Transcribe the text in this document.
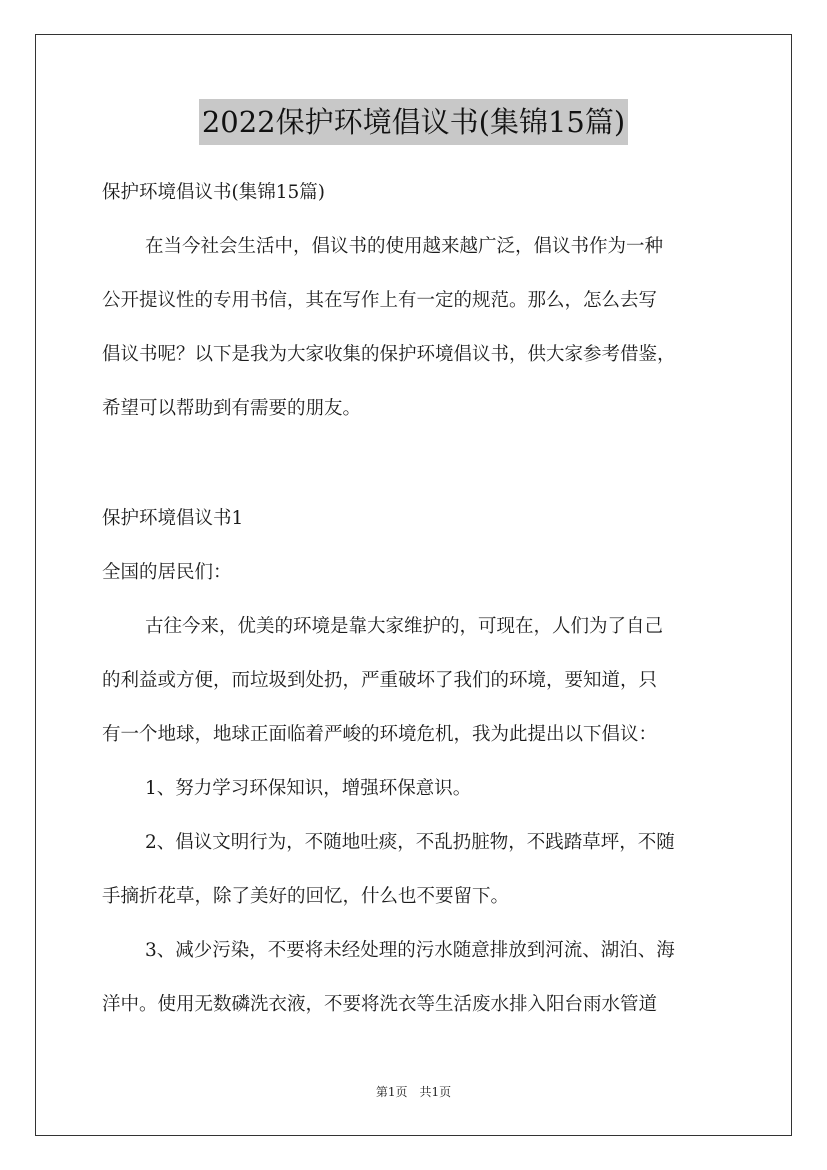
2022保护环境倡议书(集锦15篇)
保护环境倡议书(集锦15篇)
在当今社会生活中，倡议书的使用越来越广泛，倡议书作为一种
公开提议性的专用书信，其在写作上有一定的规范。那么，怎么去写
倡议书呢？以下是我为大家收集的保护环境倡议书，供大家参考借鉴，
希望可以帮助到有需要的朋友。
保护环境倡议书1
全国的居民们：
古往今来，优美的环境是靠大家维护的，可现在，人们为了自己
的利益或方便，而垃圾到处扔，严重破坏了我们的环境，要知道，只
有一个地球，地球正面临着严峻的环境危机，我为此提出以下倡议：
1、努力学习环保知识，增强环保意识。
2、倡议文明行为，不随地吐痰，不乱扔脏物，不践踏草坪，不随
手摘折花草，除了美好的回忆，什么也不要留下。
3、减少污染，不要将未经处理的污水随意排放到河流、湖泊、海
洋中。使用无数磷洗衣液，不要将洗衣等生活废水排入阳台雨水管道
第1页 共1页
